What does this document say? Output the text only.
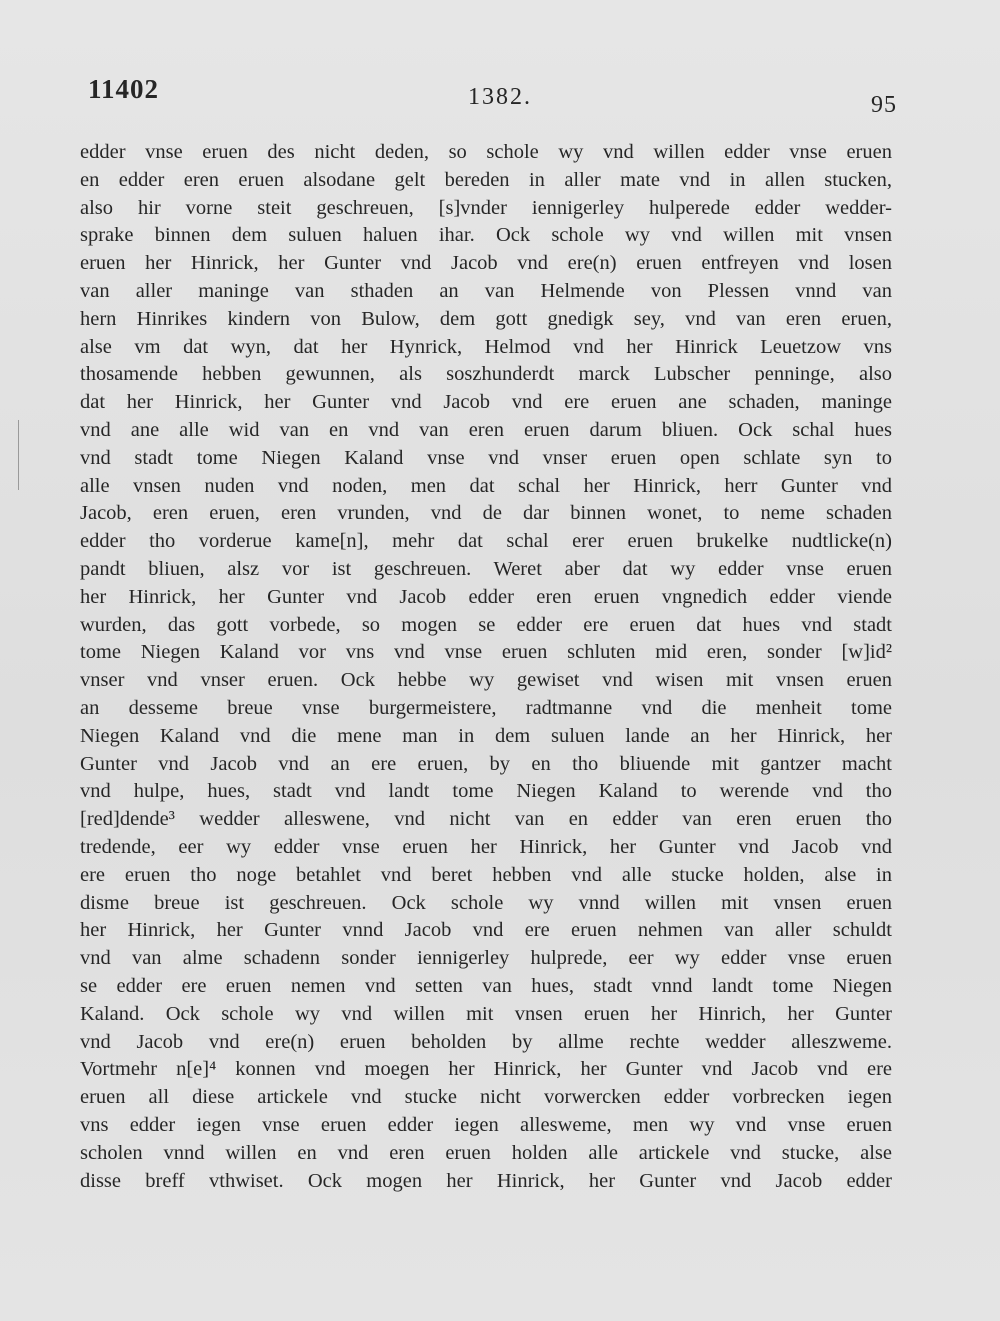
11402	1382.	95
edder vnse eruen des nicht deden, so schole wy vnd willen edder vnse eruen
en edder eren eruen alsodane gelt bereden in aller mate vnd in allen stucken,
also hir vorne steit geschreuen, [s]vnder iennigerley hulperede edder wedder-
sprake binnen dem suluen haluen ihar. Ock schole wy vnd willen mit vnsen
eruen her Hinrick, her Gunter vnd Jacob vnd ere(n) eruen entfreyen vnd losen
van aller maninge van sthaden an van Helmende von Plessen vnnd van
hern Hinrikes kindern von Bulow, dem gott gnedigk sey, vnd van eren eruen,
alse vm dat wyn, dat her Hynrick, Helmod vnd her Hinrick Leuetzow vns
thosamende hebben gewunnen, als soszhunderdt marck Lubscher penninge, also
dat her Hinrick, her Gunter vnd Jacob vnd ere eruen ane schaden, maninge
vnd ane alle wid van en vnd van eren eruen darum bliuen. Ock schal hues
vnd stadt tome Niegen Kaland vnse vnd vnser eruen open schlate syn to
alle vnsen nuden vnd noden, men dat schal her Hinrick, herr Gunter vnd
Jacob, eren eruen, eren vrunden, vnd de dar binnen wonet, to neme schaden
edder tho vorderue kame[n], mehr dat schal erer eruen brukelke nudtlicke(n)
pandt bliuen, alsz vor ist geschreuen. Weret aber dat wy edder vnse eruen
her Hinrick, her Gunter vnd Jacob edder eren eruen vngnedich edder viende
wurden, das gott vorbede, so mogen se edder ere eruen dat hues vnd stadt
tome Niegen Kaland vor vns vnd vnse eruen schluten mid eren, sonder [w]id²
vnser vnd vnser eruen. Ock hebbe wy gewiset vnd wisen mit vnsen eruen
an desseme breue vnse burgermeistere, radtmanne vnd die menheit tome
Niegen Kaland vnd die mene man in dem suluen lande an her Hinrick, her
Gunter vnd Jacob vnd an ere eruen, by en tho bliuende mit gantzer macht
vnd hulpe, hues, stadt vnd landt tome Niegen Kaland to werende vnd tho
[red]dende³ wedder alleswene, vnd nicht van en edder van eren eruen tho
tredende, eer wy edder vnse eruen her Hinrick, her Gunter vnd Jacob vnd
ere eruen tho noge betahlet vnd beret hebben vnd alle stucke holden, alse in
disme breue ist geschreuen. Ock schole wy vnnd willen mit vnsen eruen
her Hinrick, her Gunter vnnd Jacob vnd ere eruen nehmen van aller schuldt
vnd van alme schadenn sonder iennigerley hulprede, eer wy edder vnse eruen
se edder ere eruen nemen vnd setten van hues, stadt vnnd landt tome Niegen
Kaland. Ock schole wy vnd willen mit vnsen eruen her Hinrich, her Gunter
vnd Jacob vnd ere(n) eruen beholden by allme rechte wedder alleszweme.
Vortmehr n[e]⁴ konnen vnd moegen her Hinrick, her Gunter vnd Jacob vnd ere
eruen all diese artickele vnd stucke nicht vorwercken edder vorbrecken iegen
vns edder iegen vnse eruen edder iegen allesweme, men wy vnd vnse eruen
scholen vnnd willen en vnd eren eruen holden alle artickele vnd stucke, alse
disse breff vthwiset. Ock mogen her Hinrick, her Gunter vnd Jacob edder
